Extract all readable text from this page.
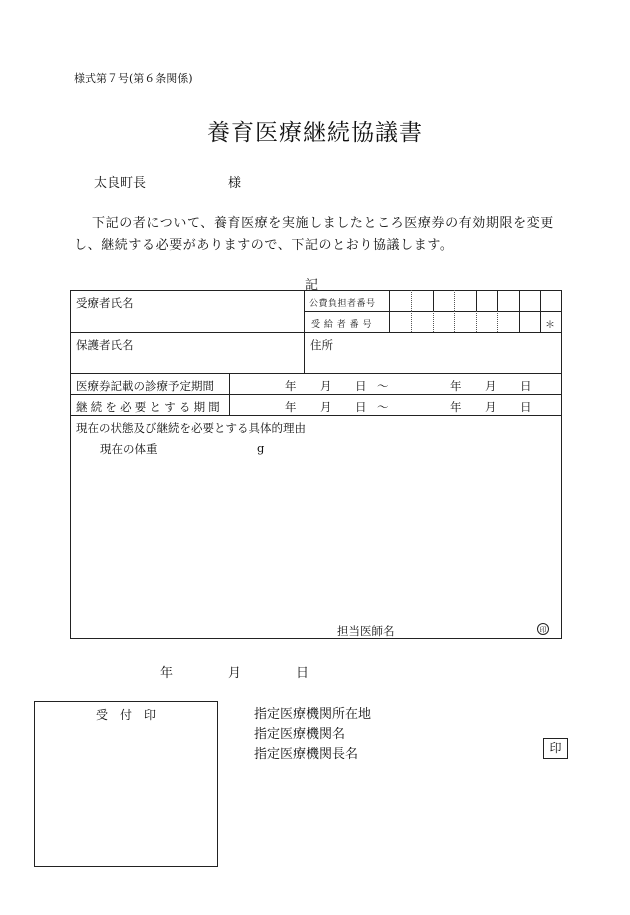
様式第７号(第６条関係)
養育医療継続協議書
太良町長	様
下記の者について、養育医療を実施しましたところ医療券の有効期限を変更
し、継続する必要がありますので、下記のとおり協議します。
記
受療者氏名	公費負担者番号
受 給 者 番 号	＊
保護者氏名	住所
医療券記載の診療予定期間	年 月 日 〜	年 月 日
継続を必要とする期間	年 月 日 〜	年 月 日
現在の状態及び継続を必要とする具体的理由
現在の体重	g
担当医師名	印
年	月	日
受　付　印	指定医療機関所在地
指定医療機関名
指定医療機関長名	印
